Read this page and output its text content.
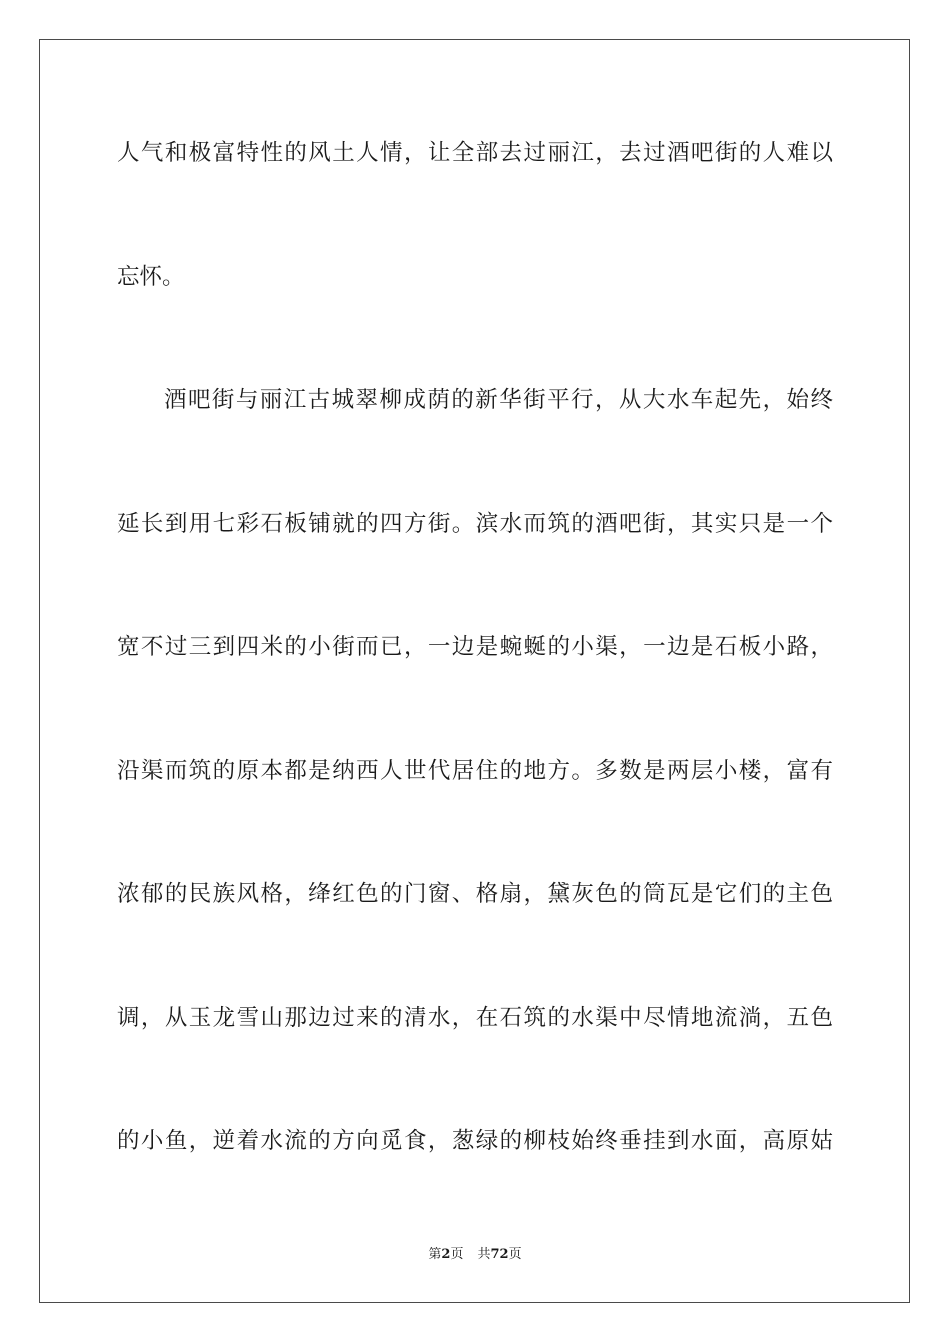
人气和极富特性的风土人情，让全部去过丽江，去过酒吧街的人难以
忘怀。
酒吧街与丽江古城翠柳成荫的新华街平行，从大水车起先，始终
延长到用七彩石板铺就的四方街。滨水而筑的酒吧街，其实只是一个
宽不过三到四米的小街而已，一边是蜿蜒的小渠，一边是石板小路，
沿渠而筑的原本都是纳西人世代居住的地方。多数是两层小楼，富有
浓郁的民族风格，绛红色的门窗、格扇，黛灰色的筒瓦是它们的主色
调，从玉龙雪山那边过来的清水，在石筑的水渠中尽情地流淌，五色
的小鱼，逆着水流的方向觅食，葱绿的柳枝始终垂挂到水面，高原姑
第2页 共72页
